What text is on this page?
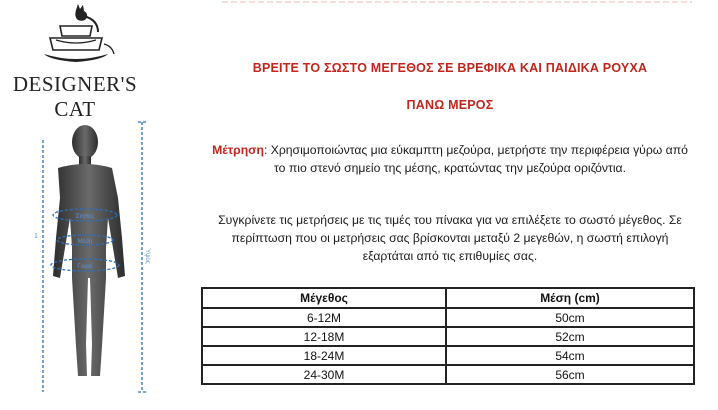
DESIGNER'S CAT
Στήθος
Μέση
Γοφοί
Ύψος
1
ΒΡΕΙΤΕ ΤΟ ΣΩΣΤΟ ΜΕΓΕΘΟΣ ΣΕ ΒΡΕΦΙΚΑ ΚΑΙ ΠΑΙΔΙΚΑ ΡΟΥΧΑ
ΠΑΝΩ ΜΕΡΟΣ
Μέτρηση: Χρησιμοποιώντας μια εύκαμπτη μεζούρα, μετρήστε την περιφέρεια γύρω από το πιο στενό σημείο της μέσης, κρατώντας την μεζούρα οριζόντια.
Συγκρίνετε τις μετρήσεις με τις τιμές του πίνακα για να επιλέξετε το σωστό μέγεθος. Σε περίπτωση που οι μετρήσεις σας βρίσκονται μεταξύ 2 μεγεθών, η σωστή επιλογή εξαρτάται από τις επιθυμίες σας.
Μέγεθος	Μέση (cm)
6-12M	50cm
12-18M	52cm
18-24M	54cm
24-30M	56cm
